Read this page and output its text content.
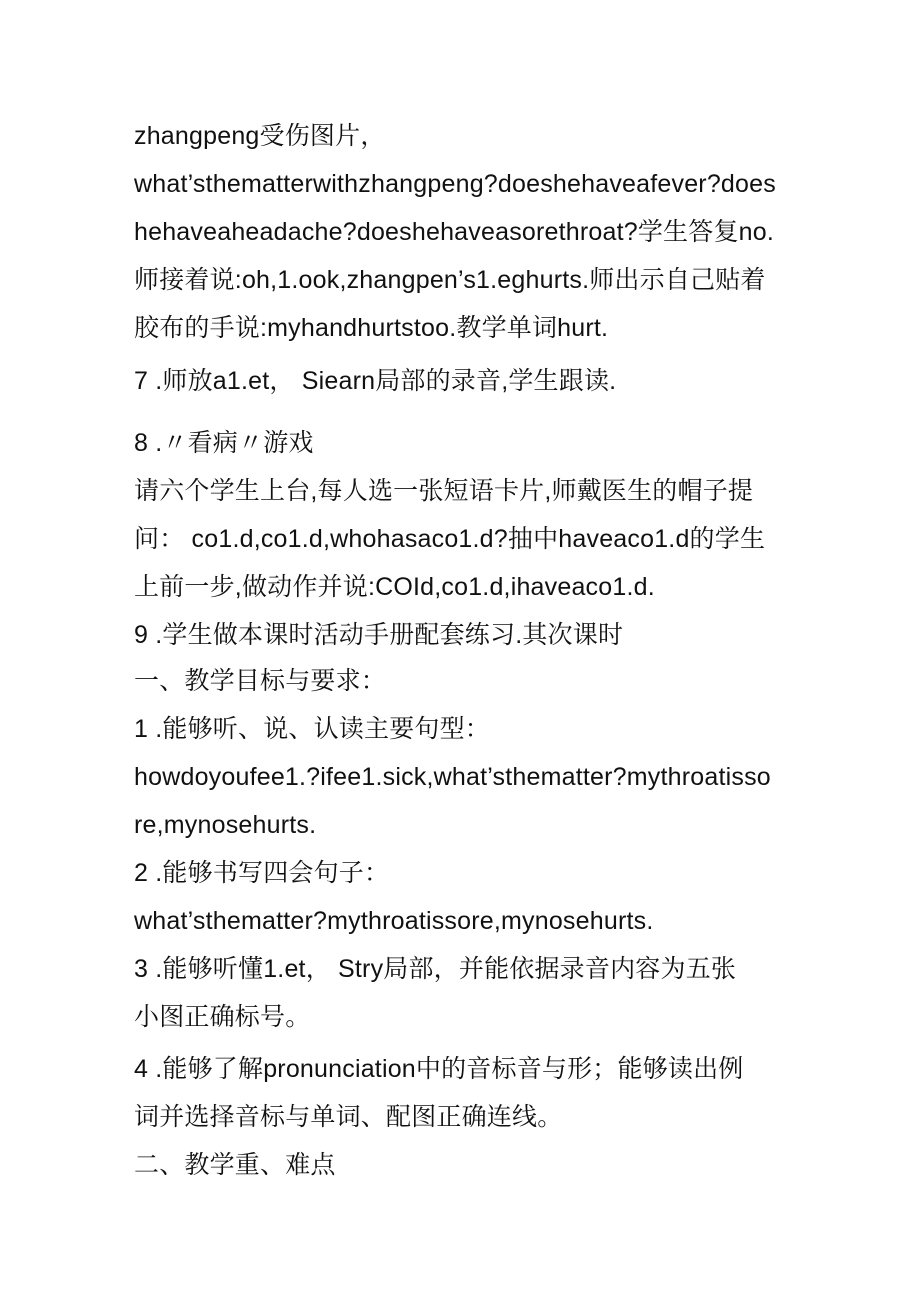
zhangpeng受伤图片，
what’sthematterwithzhangpeng?doeshehaveafever?does
hehaveaheadache?doeshehaveasorethroat?学生答复no.
师接着说:oh,1.ook,zhangpen’s1.eghurts.师出示自己贴着
胶布的手说:myhandhurtstoo.教学单词hurt.
7 .师放a1.et， Siearn局部的录音,学生跟读.
8 .〃看病〃游戏
请六个学生上台,每人选一张短语卡片,师戴医生的帽子提
问： co1.d,co1.d,whohasaco1.d?抽中haveaco1.d的学生
上前一步,做动作并说:COId,co1.d,ihaveaco1.d.
9 .学生做本课时活动手册配套练习.其次课时
一、教学目标与要求：
1 .能够听、说、认读主要句型：
howdoyoufee1.?ifee1.sick,what’sthematter?mythroatisso
re,mynosehurts.
2 .能够书写四会句子：
what’sthematter?mythroatissore,mynosehurts.
3 .能够听懂1.et， Stry局部，并能依据录音内容为五张
小图正确标号。
4 .能够了解pronunciation中的音标音与形；能够读出例
词并选择音标与单词、配图正确连线。
二、教学重、难点
